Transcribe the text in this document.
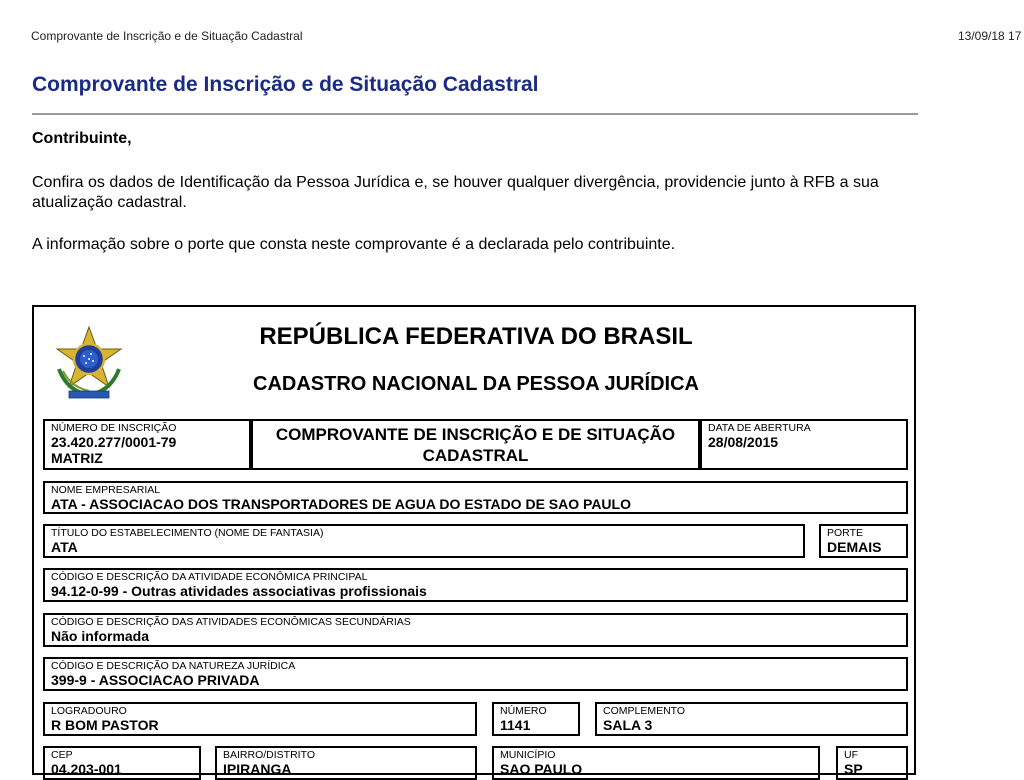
Comprovante de Inscrição e de Situação Cadastral	13/09/18 17
Comprovante de Inscrição e de Situação Cadastral
Contribuinte,
Confira os dados de Identificação da Pessoa Jurídica e, se houver qualquer divergência, providencie junto à RFB a sua atualização cadastral.
A informação sobre o porte que consta neste comprovante é a declarada pelo contribuinte.
REPÚBLICA FEDERATIVA DO BRASIL
CADASTRO NACIONAL DA PESSOA JURÍDICA
NÚMERO DE INSCRIÇÃO
23.420.277/0001-79
MATRIZ
COMPROVANTE DE INSCRIÇÃO E DE SITUAÇÃO CADASTRAL
DATA DE ABERTURA
28/08/2015
NOME EMPRESARIAL
ATA - ASSOCIACAO DOS TRANSPORTADORES DE AGUA DO ESTADO DE SAO PAULO
TÍTULO DO ESTABELECIMENTO (NOME DE FANTASIA)
ATA
PORTE
DEMAIS
CÓDIGO E DESCRIÇÃO DA ATIVIDADE ECONÔMICA PRINCIPAL
94.12-0-99 - Outras atividades associativas profissionais
CÓDIGO E DESCRIÇÃO DAS ATIVIDADES ECONÔMICAS SECUNDÁRIAS
Não informada
CÓDIGO E DESCRIÇÃO DA NATUREZA JURÍDICA
399-9 - ASSOCIACAO PRIVADA
LOGRADOURO
R BOM PASTOR
NÚMERO
1141
COMPLEMENTO
SALA 3
CEP
04.203-001
BAIRRO/DISTRITO
IPIRANGA
MUNICÍPIO
SAO PAULO
UF
SP
